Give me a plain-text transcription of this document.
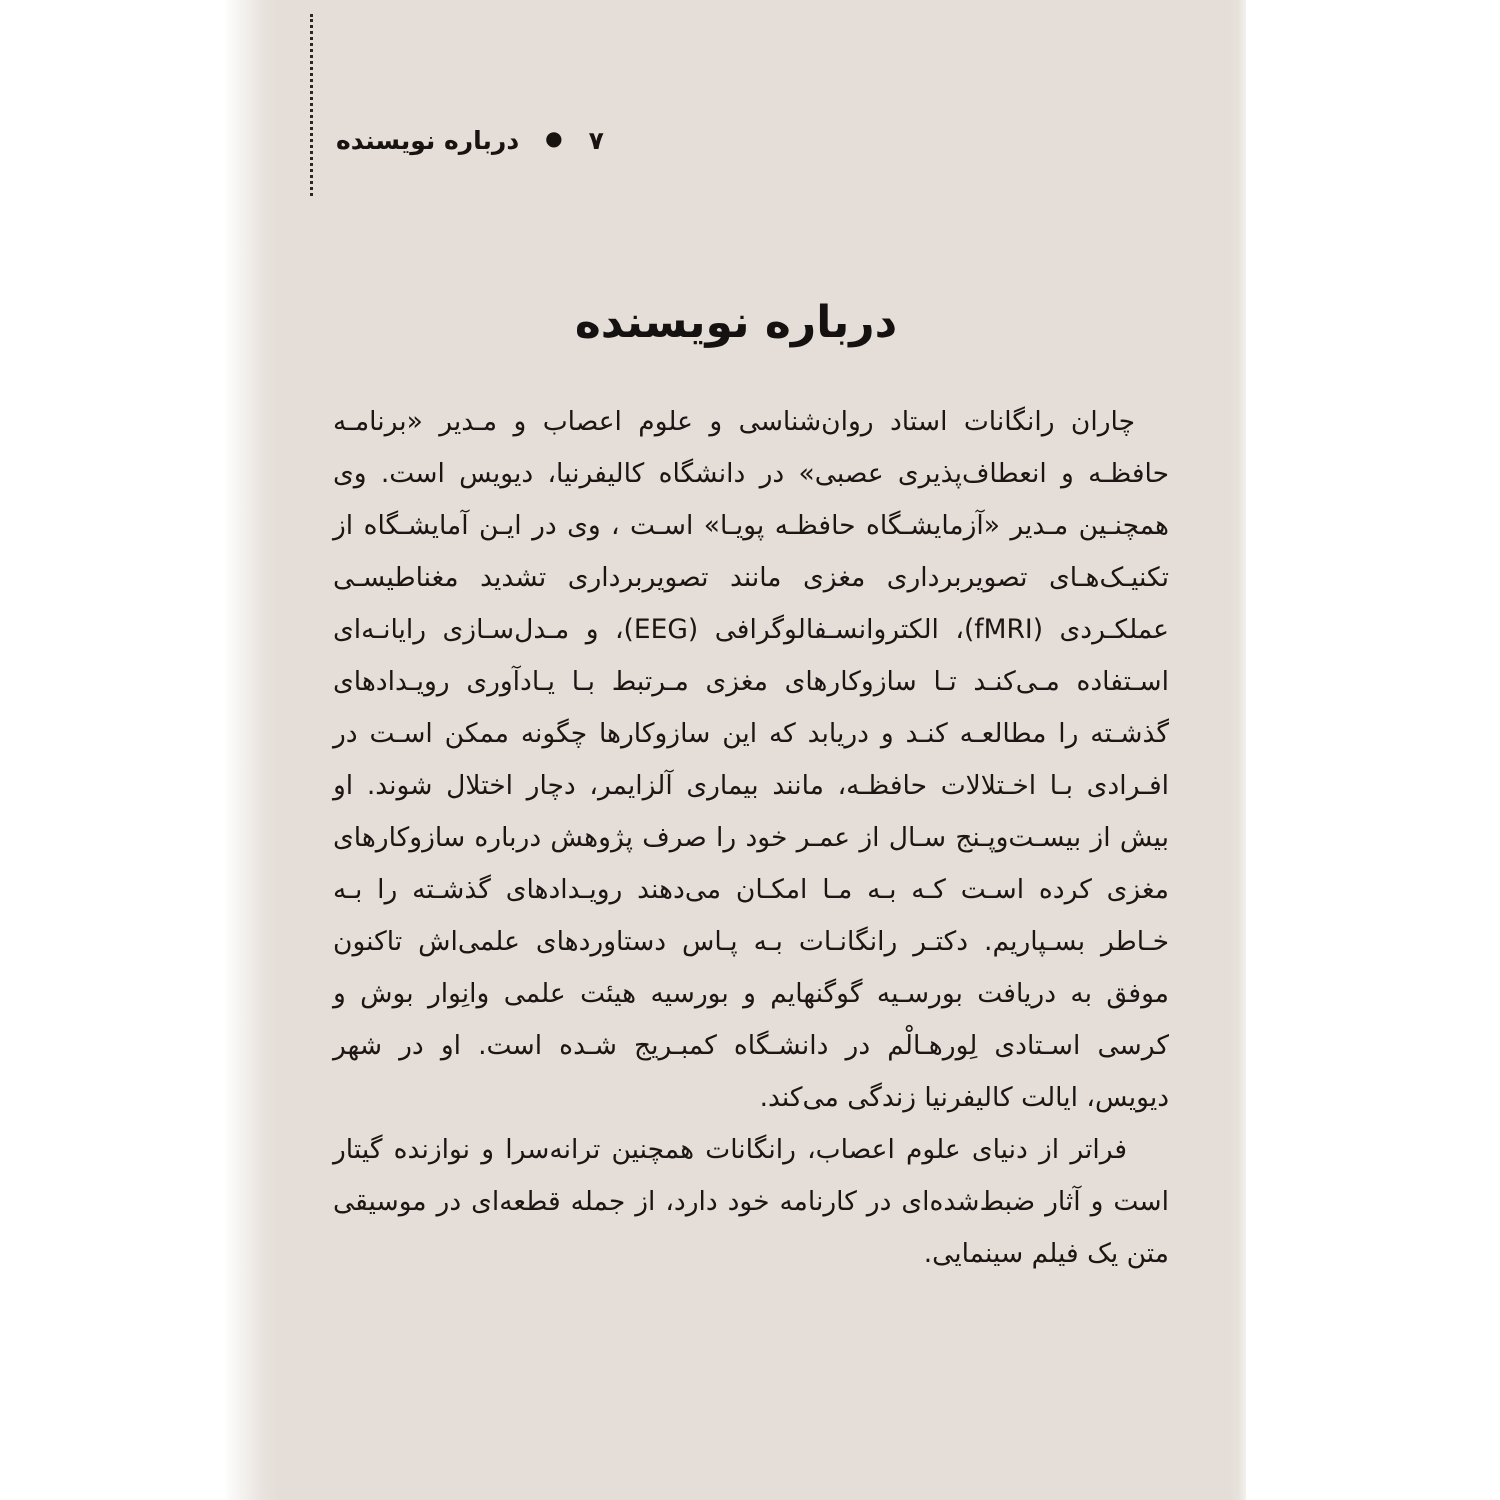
درباره نویسنده ● ۷
درباره نویسنده

چاران رانگانات استاد روان‌شناسی و علوم اعصاب و مـدیر «برنامـه حافظـه و انعطاف‌پذیری عصبی» در دانشگاه کالیفرنیا، دیویس است. وی همچنـین مـدیر «آزمایشـگاه حافظـه پویـا» اسـت ، وی در ایـن آمایشـگاه از تکنیـک‌هـای تصویربرداری مغزی مانند تصویربرداری تشدید مغناطیسـی عملکـردی (fMRI)، الکتروانسـفالوگرافی (EEG)، و مـدل‌سـازی رایانـه‌ای اسـتفاده مـی‌کنـد تـا سازوکارهای مغزی مـرتبط بـا یـادآوری رویـدادهای گذشـته را مطالعـه کنـد و دریابد که این سازوکارها چگونه ممکن اسـت در افـرادی بـا اخـتلالات حافظـه، مانند بیماری آلزایمر، دچار اختلال شوند. او بیش از بیسـت‌وپـنج سـال از عمـر خود را صرف پژوهش درباره سازوکارهای مغزی کرده اسـت کـه بـه مـا امکـان می‌دهند رویـدادهای گذشـته را بـه خـاطر بسـپاریم. دکتـر رانگانـات بـه پـاس دستاوردهای علمی‌اش تاکنون موفق به دریافت بورسـیه گوگنهایم و بورسیه هیئت علمی وانِوار بوش و کرسی اسـتادی لِورهـالْم در دانشـگاه کمبـریج شـده است. او در شهر دیویس، ایالت کالیفرنیا زندگی می‌کند.

فراتر از دنیای علوم اعصاب، رانگانات همچنین ترانه‌سرا و نوازنده گیتار است و آثار ضبط‌شده‌ای در کارنامه خود دارد، از جمله قطعه‌ای در موسیقی متن یک فیلم سینمایی.
